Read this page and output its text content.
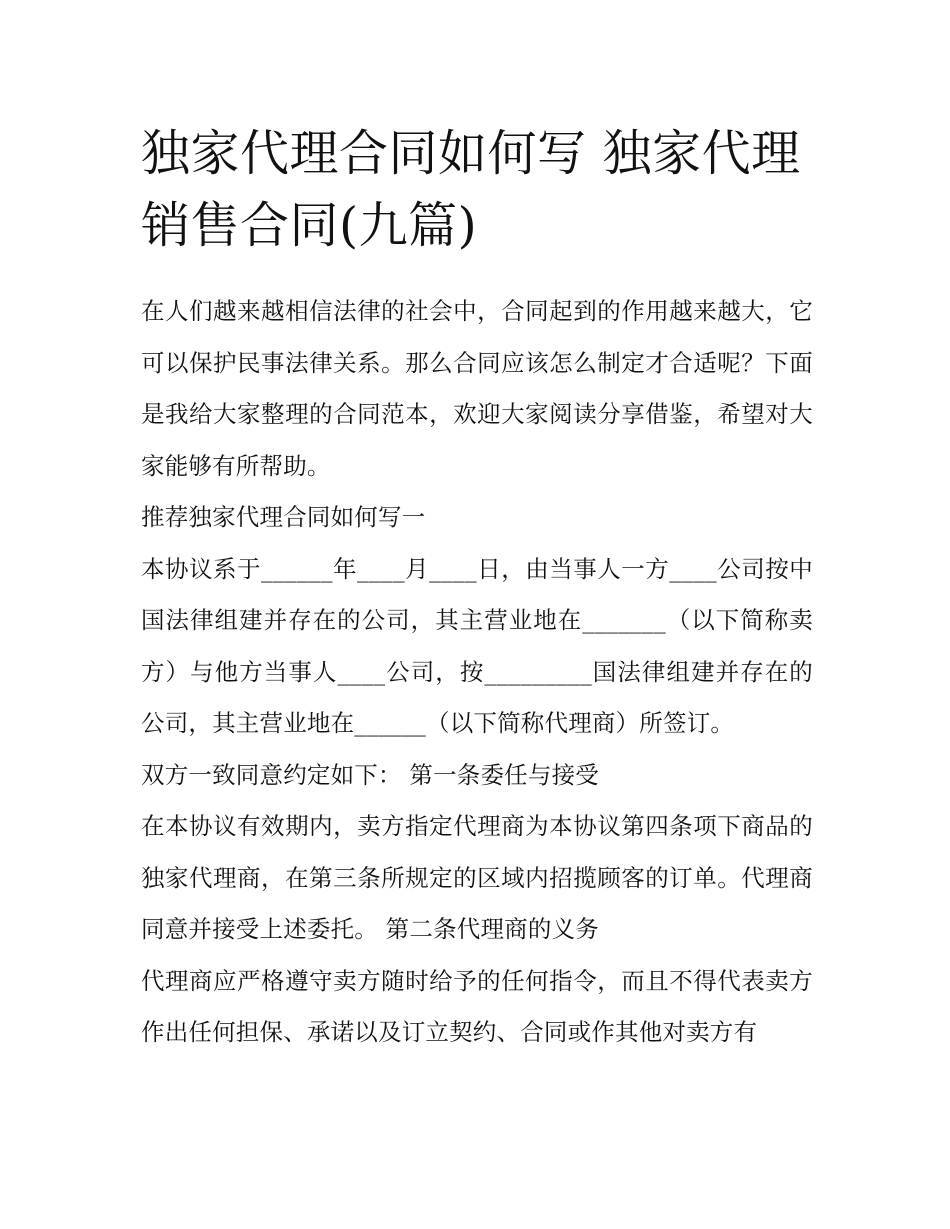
独家代理合同如何写 独家代理销售合同(九篇)

在人们越来越相信法律的社会中，合同起到的作用越来越大，它可以保护民事法律关系。那么合同应该怎么制定才合适呢？下面是我给大家整理的合同范本，欢迎大家阅读分享借鉴，希望对大家能够有所帮助。

推荐独家代理合同如何写一

本协议系于______年____月____日，由当事人一方____公司按中国法律组建并存在的公司，其主营业地在_______（以下简称卖方）与他方当事人____公司，按_________国法律组建并存在的公司，其主营业地在______（以下简称代理商）所签订。

双方一致同意约定如下： 第一条委任与接受

在本协议有效期内，卖方指定代理商为本协议第四条项下商品的独家代理商，在第三条所规定的区域内招揽顾客的订单。代理商同意并接受上述委托。 第二条代理商的义务

代理商应严格遵守卖方随时给予的任何指令，而且不得代表卖方作出任何担保、承诺以及订立契约、合同或作其他对卖方有
